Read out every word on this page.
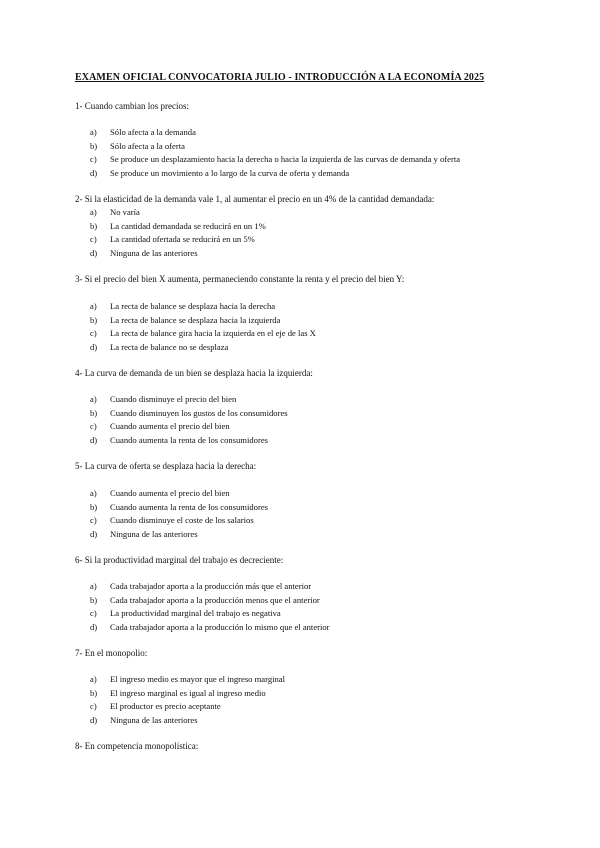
EXAMEN OFICIAL CONVOCATORIA JULIO - INTRODUCCIÓN A LA ECONOMÍA 2025
1- Cuando cambian los precios:
a) Sólo afecta a la demanda
b) Sólo afecta a la oferta
c) Se produce un desplazamiento hacia la derecha o hacia la izquierda de las curvas de demanda y oferta
d) Se produce un movimiento a lo largo de la curva de oferta y demanda
2- Si la elasticidad de la demanda vale 1, al aumentar el precio en un 4% de la cantidad demandada:
a) No varía
b) La cantidad demandada se reducirá en un 1%
c) La cantidad ofertada se reducirá en un 5%
d) Ninguna de las anteriores
3- Si el precio del bien X aumenta, permaneciendo constante la renta y el precio del bien Y:
a) La recta de balance se desplaza hacia la derecha
b) La recta de balance se desplaza hacia la izquierda
c) La recta de balance gira hacia la izquierda en el eje de las X
d) La recta de balance no se desplaza
4- La curva de demanda de un bien se desplaza hacia la izquierda:
a) Cuando disminuye el precio del bien
b) Cuando disminuyen los gustos de los consumidores
c) Cuando aumenta el precio del bien
d) Cuando aumenta la renta de los consumidores
5- La curva de oferta se desplaza hacia la derecha:
a) Cuando aumenta el precio del bien
b) Cuando aumenta la renta de los consumidores
c) Cuando disminuye el coste de los salarios
d) Ninguna de las anteriores
6- Si la productividad marginal del trabajo es decreciente:
a) Cada trabajador aporta a la producción más que el anterior
b) Cada trabajador aporta a la producción menos que el anterior
c) La productividad marginal del trabajo es negativa
d) Cada trabajador aporta a la producción lo mismo que el anterior
7- En el monopolio:
a) El ingreso medio es mayor que el ingreso marginal
b) El ingreso marginal es igual al ingreso medio
c) El productor es precio aceptante
d) Ninguna de las anteriores
8- En competencia monopolística:
